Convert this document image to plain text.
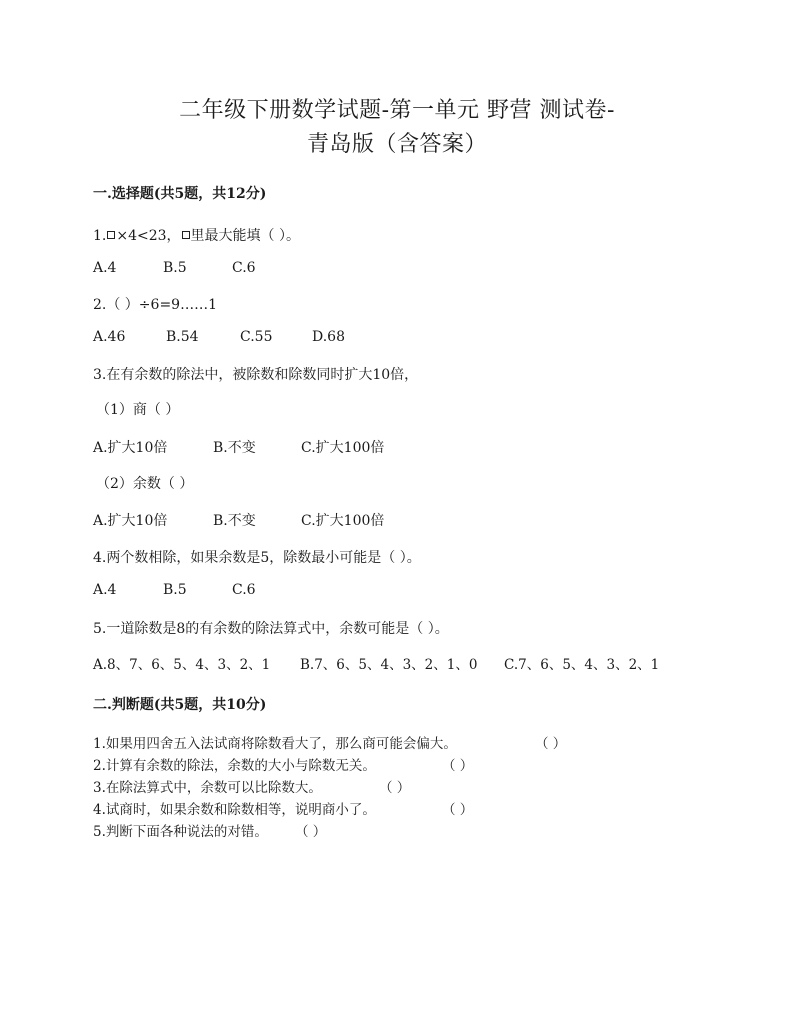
二年级下册数学试题-第一单元 野营 测试卷-
青岛版（含答案）
一.选择题(共5题，共12分)
1. ×4<23， 里最大能填（ ）。
A.4	B.5	C.6
2.（ ）÷6=9……1
A.46	B.54	C.55	D.68
3.在有余数的除法中，被除数和除数同时扩大10倍，
（1）商（ ）
A.扩大10倍	B.不变	C.扩大100倍
（2）余数（ ）
A.扩大10倍	B.不变	C.扩大100倍
4.两个数相除，如果余数是5，除数最小可能是（ ）。
A.4	B.5	C.6
5.一道除数是8的有余数的除法算式中，余数可能是（ ）。
A.8、7、6、5、4、3、2、1 B.7、6、5、4、3、2、1、0 C.7、6、5、4、3、2、1
二.判断题(共5题，共10分)
1.如果用四舍五入法试商将除数看大了，那么商可能会偏大。	（ ）
2.计算有余数的除法，余数的大小与除数无关。	（ ）
3.在除法算式中，余数可以比除数大。	（ ）
4.试商时，如果余数和除数相等，说明商小了。	（ ）
5.判断下面各种说法的对错。 （ ）
